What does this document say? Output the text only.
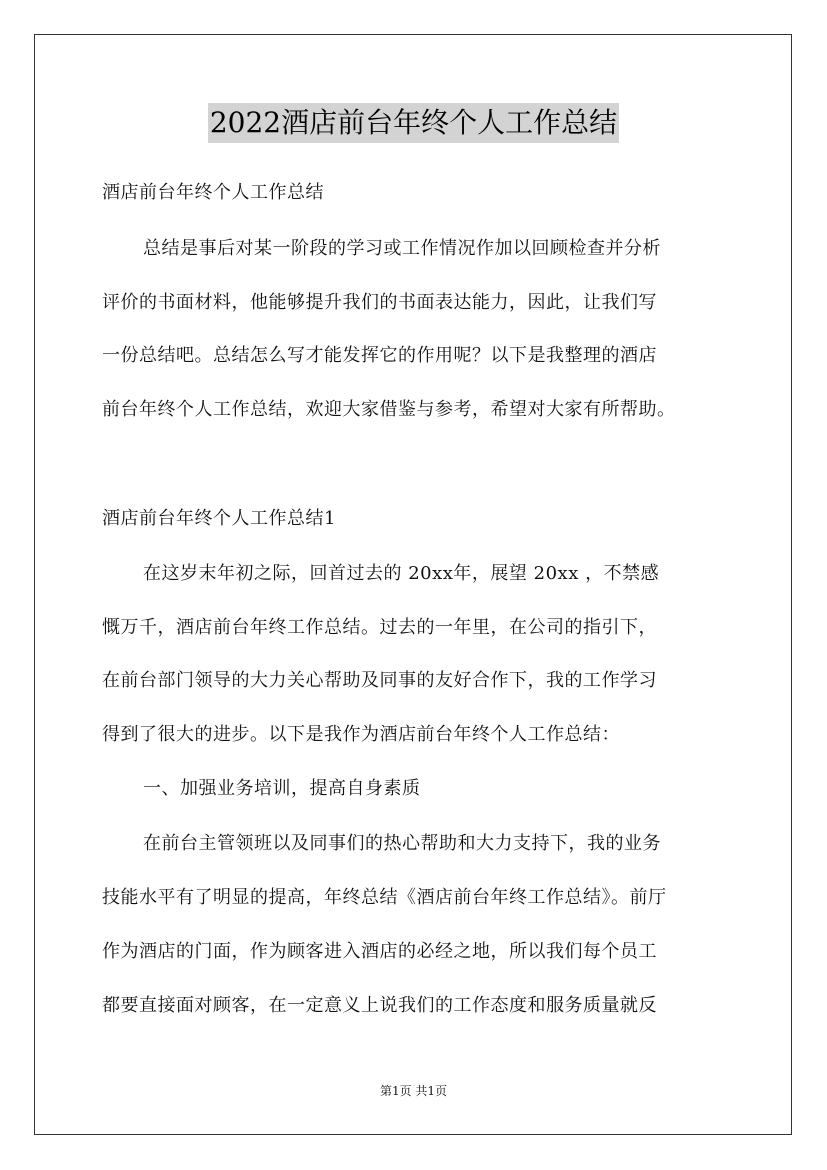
2022酒店前台年终个人工作总结
酒店前台年终个人工作总结
总结是事后对某一阶段的学习或工作情况作加以回顾检查并分析
评价的书面材料，他能够提升我们的书面表达能力，因此，让我们写
一份总结吧。总结怎么写才能发挥它的作用呢？以下是我整理的酒店
前台年终个人工作总结，欢迎大家借鉴与参考，希望对大家有所帮助。
酒店前台年终个人工作总结1
在这岁末年初之际，回首过去的 20xx年，展望 20xx ，不禁感
慨万千，酒店前台年终工作总结。过去的一年里，在公司的指引下，
在前台部门领导的大力关心帮助及同事的友好合作下，我的工作学习
得到了很大的进步。以下是我作为酒店前台年终个人工作总结：
一、加强业务培训，提高自身素质
在前台主管领班以及同事们的热心帮助和大力支持下，我的业务
技能水平有了明显的提高，年终总结《酒店前台年终工作总结》。前厅
作为酒店的门面，作为顾客进入酒店的必经之地，所以我们每个员工
都要直接面对顾客，在一定意义上说我们的工作态度和服务质量就反
第1页 共1页
